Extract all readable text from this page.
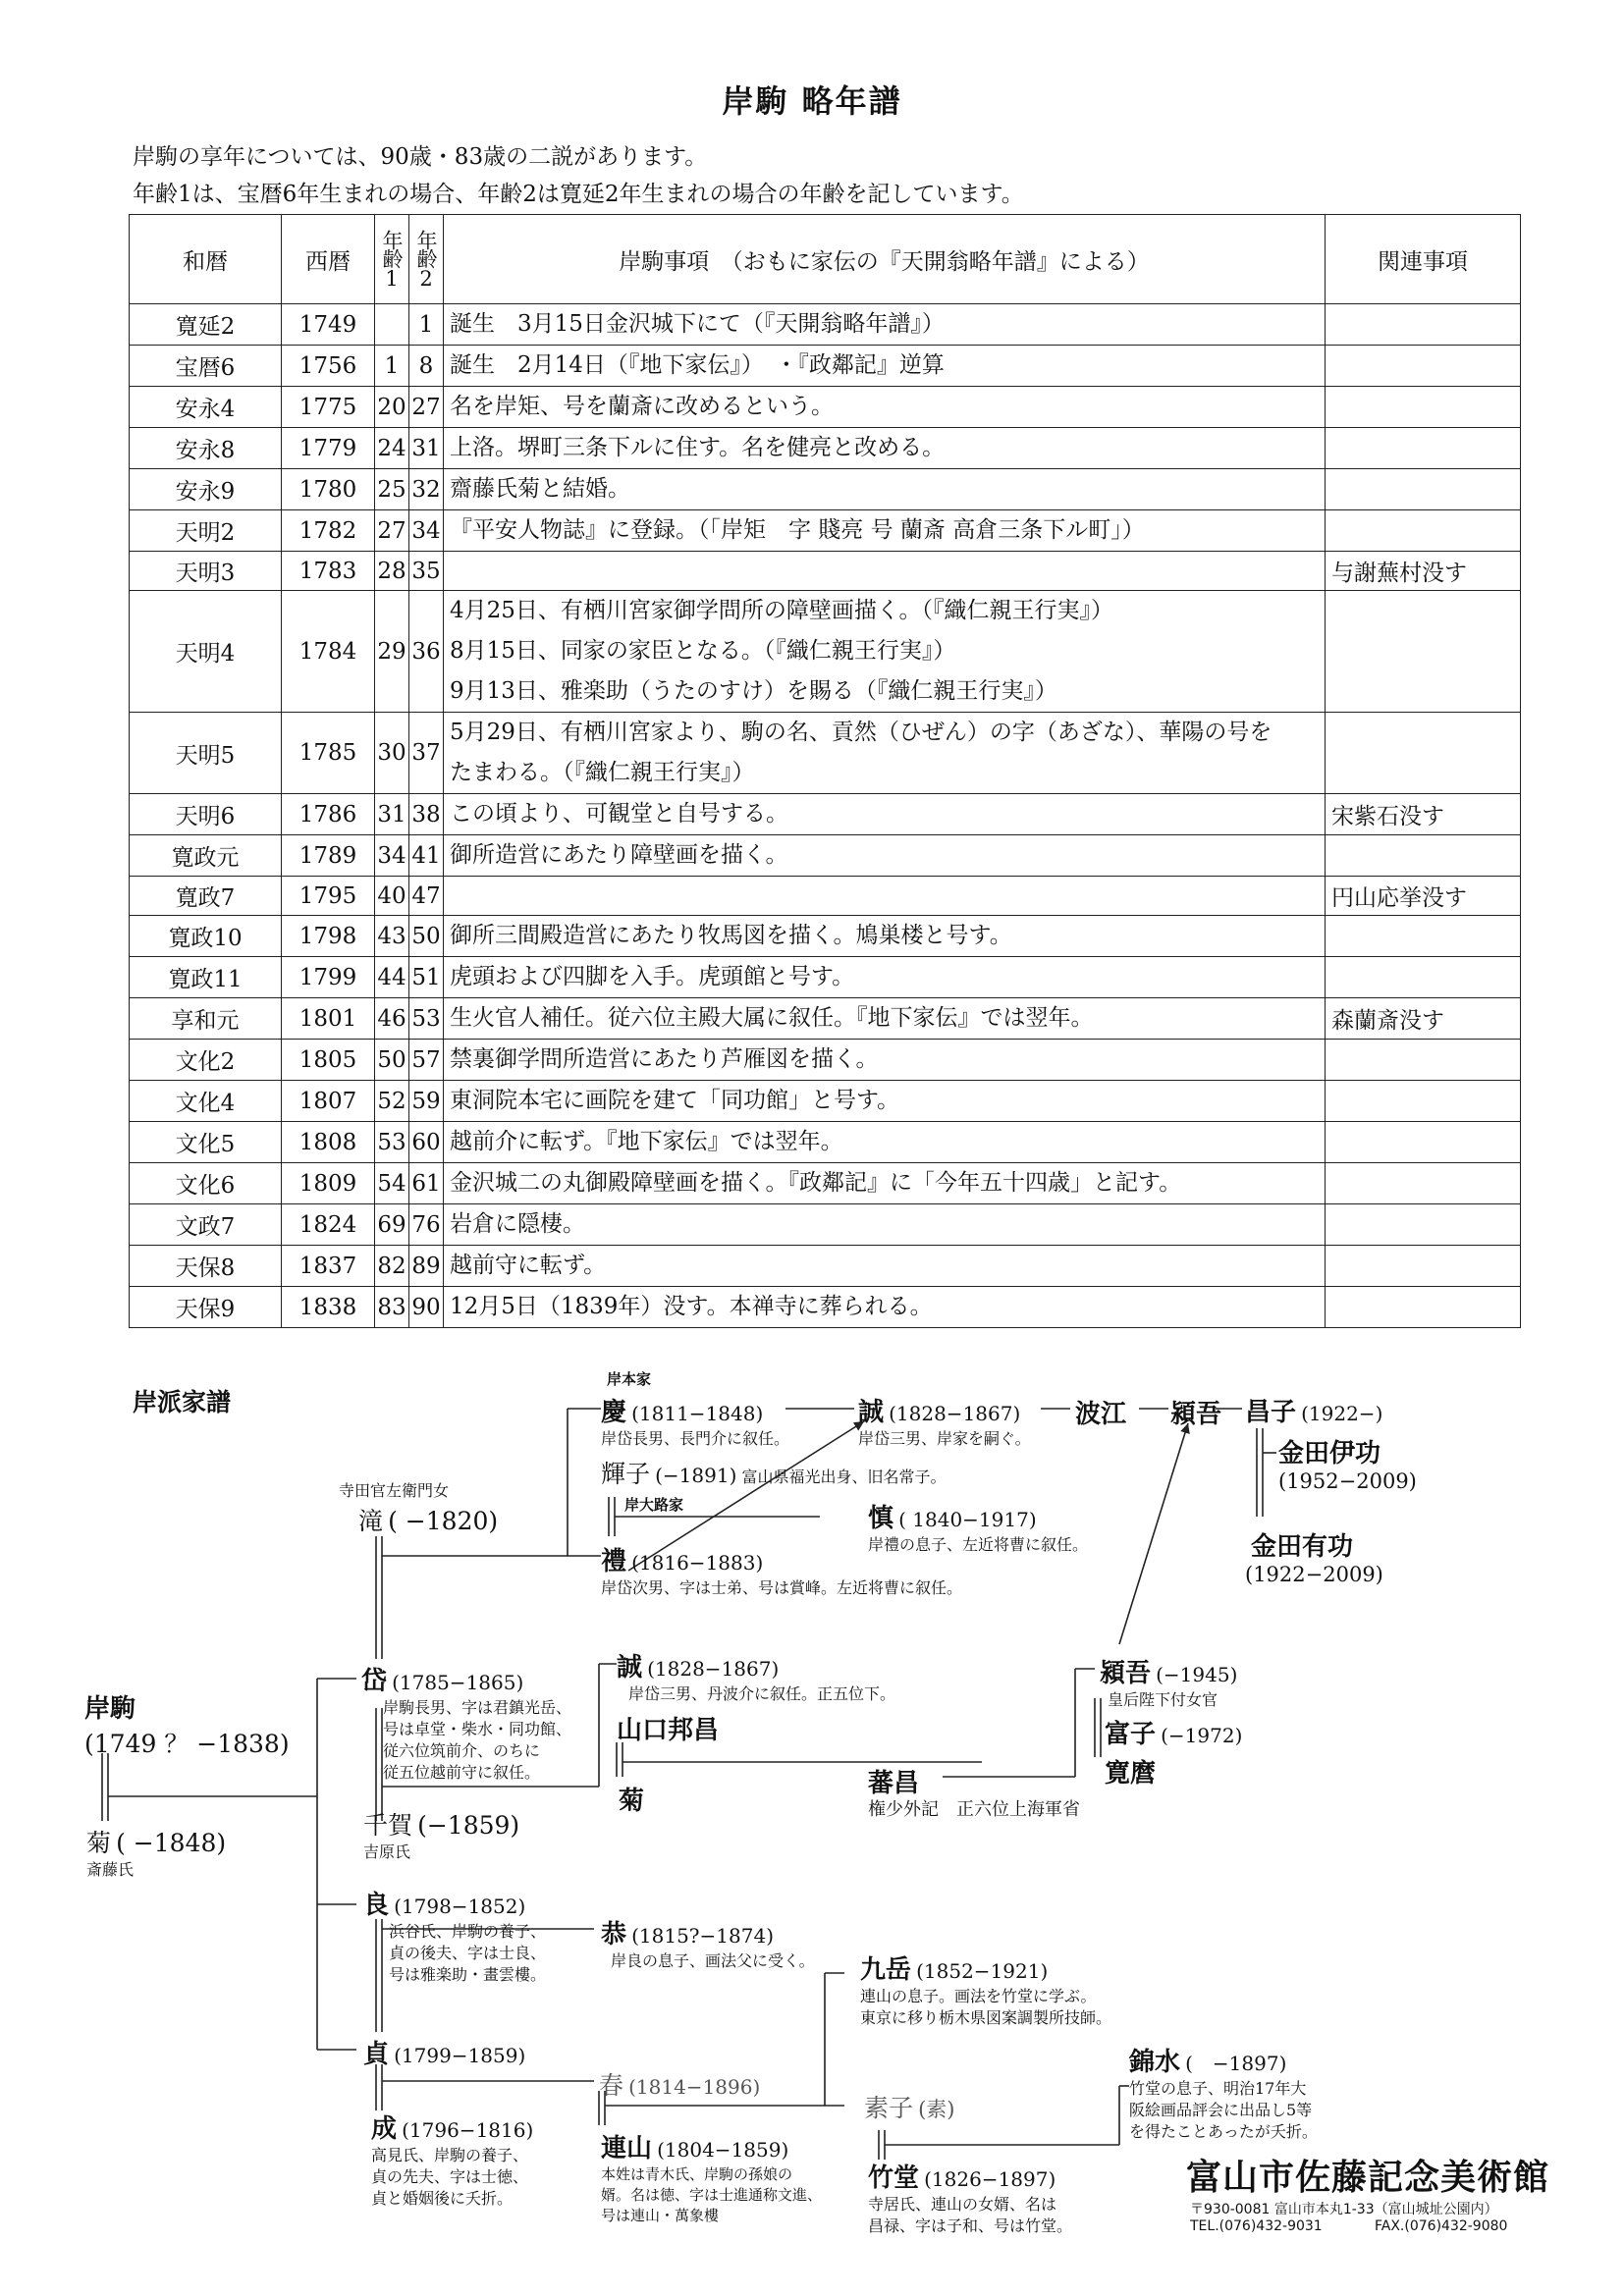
岸駒 略年譜
岸駒の享年については、90歳・83歳の二説があります。
年齢1は、宝暦6年生まれの場合、年齢2は寛延2年生まれの場合の年齢を記しています。
和暦	西暦	年齢1	年齢2	岸駒事項　（おもに家伝の『天開翁略年譜』による）	関連事項
寛延2	1749		1	誕生　3月15日金沢城下にて（『天開翁略年譜』）	
宝暦6	1756	1	8	誕生　2月14日（『地下家伝』）　・『政鄰記』逆算	
安永4	1775	20	27	名を岸矩、号を蘭斎に改めるという。	
安永8	1779	24	31	上洛。堺町三条下ルに住す。名を健亮と改める。	
安永9	1780	25	32	齋藤氏菊と結婚。	
天明2	1782	27	34	『平安人物誌』に登録。（「岸矩　字 賤亮 号 蘭斎 高倉三条下ル町」）	
天明3	1783	28	35		与謝蕪村没す
天明4	1784	29	36	4月25日、有栖川宮家御学問所の障壁画描く。（『織仁親王行実』）
8月15日、同家の家臣となる。（『織仁親王行実』）
9月13日、雅楽助（うたのすけ）を賜る（『織仁親王行実』）	
天明5	1785	30	37	5月29日、有栖川宮家より、駒の名、貢然（ひぜん）の字（あざな）、華陽の号を
たまわる。（『織仁親王行実』）	
天明6	1786	31	38	この頃より、可観堂と自号する。	宋紫石没す
寛政元	1789	34	41	御所造営にあたり障壁画を描く。	
寛政7	1795	40	47		円山応挙没す
寛政10	1798	43	50	御所三間殿造営にあたり牧馬図を描く。鳩巣楼と号す。	
寛政11	1799	44	51	虎頭および四脚を入手。虎頭館と号す。	
享和元	1801	46	53	生火官人補任。従六位主殿大属に叙任。『地下家伝』では翌年。	森蘭斎没す
文化2	1805	50	57	禁裏御学問所造営にあたり芦雁図を描く。	
文化4	1807	52	59	東洞院本宅に画院を建て「同功館」と号す。	
文化5	1808	53	60	越前介に転ず。『地下家伝』では翌年。	
文化6	1809	54	61	金沢城二の丸御殿障壁画を描く。『政鄰記』に「今年五十四歳」と記す。	
文政7	1824	69	76	岩倉に隠棲。	
天保8	1837	82	89	越前守に転ず。	
天保9	1838	83	90	12月5日（1839年）没す。本禅寺に葬られる。	
岸派家譜
岸本家
岸大路家
岸駒
(1749 ？ −1838)
菊 ( −1848)
斎藤氏
寺田官左衛門女
滝 ( −1820)
岱 (1785−1865)
岸駒長男、字は君鎮光岳、
号は卓堂・柴水・同功館、
従六位筑前介、のちに
従五位越前守に叙任。
千賀 (−1859)
吉原氏
慶 (1811−1848)
岸岱長男、長門介に叙任。
輝子 (−1891) 富山県福光出身、旧名常子。
禮 (1816−1883)
岸岱次男、字は士弟、号は賞峰。左近将曹に叙任。
慎 ( 1840−1917)
岸禮の息子、左近将曹に叙任。
誠 (1828−1867)
岸岱三男、岸家を嗣ぐ。
波江 潁吾 昌子 (1922−)
金田伊功
(1952−2009)
金田有功
(1922−2009)
誠 (1828−1867)
岸岱三男、丹波介に叙任。正五位下。
山口邦昌
菊
蕃昌
権少外記　正六位上海軍省
潁吾 (−1945)
皇后陛下付女官
富子 (−1972)
寛麿
良 (1798−1852)
浜谷氏、岸駒の養子、
貞の後夫、字は士良、
号は雅楽助・畫雲樓。
恭 (1815?−1874)
岸良の息子、画法父に受く。
貞 (1799−1859)
春 (1814−1896)
成 (1796−1816)
高見氏、岸駒の養子、
貞の先夫、字は士徳、
貞と婚姻後に夭折。
連山 (1804−1859)
本姓は青木氏、岸駒の孫娘の
婿。名は徳、字は士進通称文進、
号は連山・萬象樓
九岳 (1852−1921)
連山の息子。画法を竹堂に学ぶ。
東京に移り栃木県図案調製所技師。
素子 (素)
竹堂 (1826−1897)
寺居氏、連山の女婿、名は
昌禄、字は子和、号は竹堂。
錦水 (　−1897)
竹堂の息子、明治17年大
阪絵画品評会に出品し5等
を得たことあったが夭折。
富山市佐藤記念美術館
〒930-0081 富山市本丸1-33（富山城址公園内）
TEL.(076)432-9031	FAX.(076)432-9080
